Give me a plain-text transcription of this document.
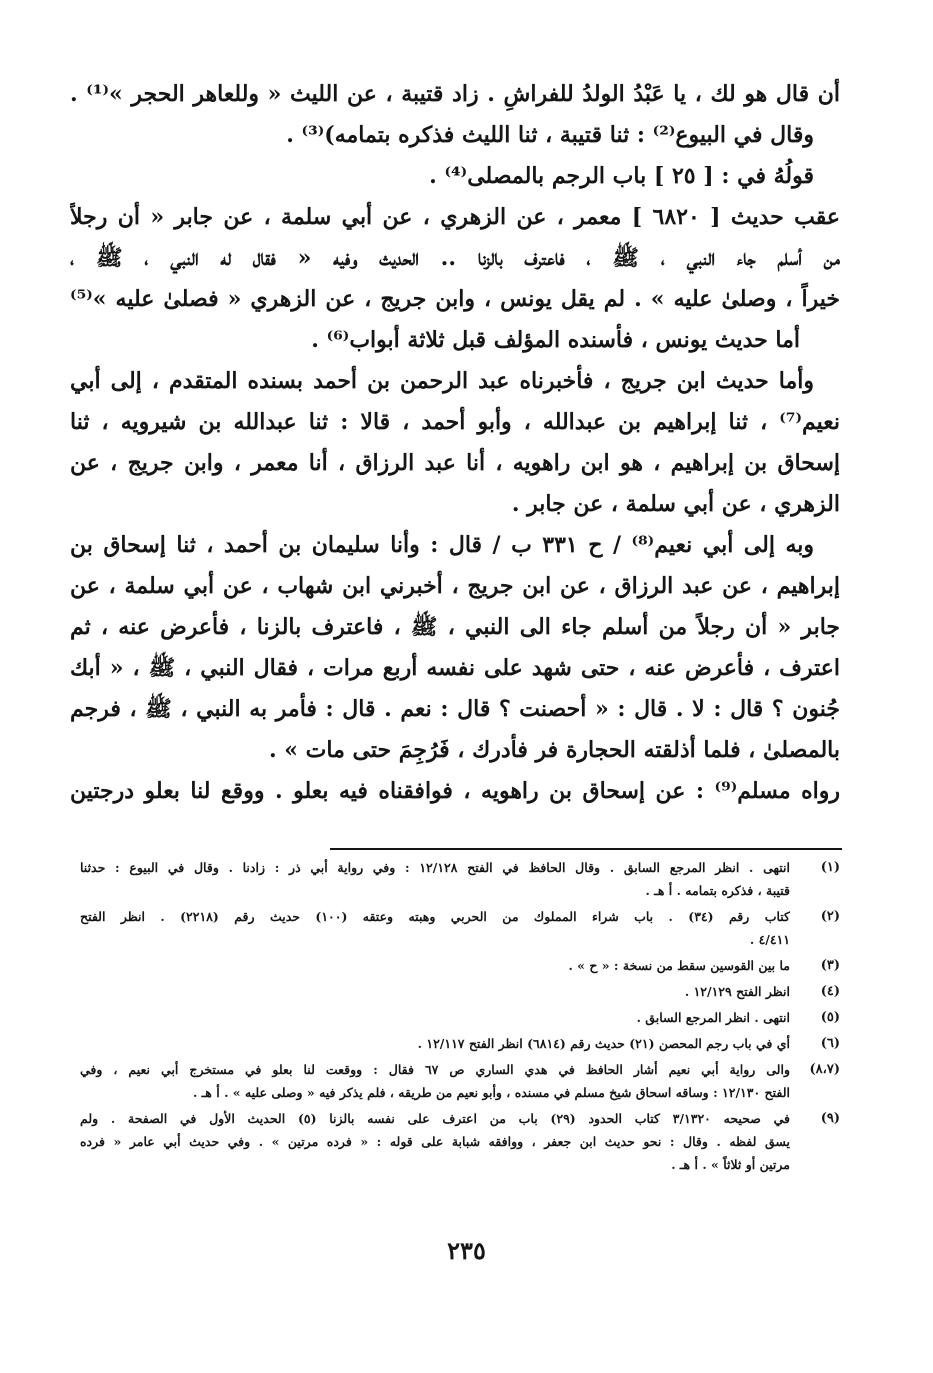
أن قال هو لك ، يا عَبْدُ الولدُ للفراشِ . زاد قتيبة ، عن الليث « وللعاهر الحجر »⁽¹⁾ .
وقال في البيوع⁽²⁾ : ثنا قتيبة ، ثنا الليث فذكره بتمامه)⁽³⁾ .
قولُهُ في : [ ٢٥ ] باب الرجم بالمصلى⁽⁴⁾ .
عقب حديث [ ٦٨٢٠ ] معمر ، عن الزهري ، عن أبي سلمة ، عن جابر « أن رجلاً
من أسلم جاء النبي ، ﷺ ، فاعترف بالزنا .. الحديث وفيه « فقال له النبي ، ﷺ ،
خيراً ، وصلىٰ عليه » . لم يقل يونس ، وابن جريج ، عن الزهري « فصلىٰ عليه »⁽⁵⁾
أما حديث يونس ، فأسنده المؤلف قبل ثلاثة أبواب⁽⁶⁾ .
وأما حديث ابن جريج ، فأخبرناه عبد الرحمن بن أحمد بسنده المتقدم ، إلى أبي
نعيم⁽⁷⁾ ، ثنا إبراهيم بن عبدالله ، وأبو أحمد ، قالا : ثنا عبدالله بن شيرويه ، ثنا
إسحاق بن إبراهيم ، هو ابن راهويه ، أنا عبد الرزاق ، أنا معمر ، وابن جريج ، عن
الزهري ، عن أبي سلمة ، عن جابر .
وبه إلى أبي نعيم⁽⁸⁾ / ح ٣٣١ ب / قال : وأنا سليمان بن أحمد ، ثنا إسحاق بن
إبراهيم ، عن عبد الرزاق ، عن ابن جريج ، أخبرني ابن شهاب ، عن أبي سلمة ، عن
جابر « أن رجلاً من أسلم جاء الى النبي ، ﷺ ، فاعترف بالزنا ، فأعرض عنه ، ثم
اعترف ، فأعرض عنه ، حتى شهد على نفسه أربع مرات ، فقال النبي ، ﷺ ، « أبك
جُنون ؟ قال : لا . قال : « أحصنت ؟ قال : نعم . قال : فأمر به النبي ، ﷺ ، فرجم
بالمصلىٰ ، فلما أذلقته الحجارة فر فأدرك ، فَرُجِمَ حتى مات » .
رواه مسلم⁽⁹⁾ : عن إسحاق بن راهويه ، فوافقناه فيه بعلو . ووقع لنا بعلو درجتين
(١)
انتهى . انظر المرجع السابق . وقال الحافظ في الفتح ١٢/١٢٨ : وفي رواية أبي ذر : زادنا . وقال في البيوع : حدثنا
قتيبة ، فذكره بتمامه . أ هـ .
(٢)
كتاب رقم (٣٤) . باب شراء المملوك من الحربي وهبته وعتقه (١٠٠) حديث رقم (٢٢١٨) . انظر الفتح
٤/٤١١ .
(٣)
ما بين القوسين سقط من نسخة : « ح » .
(٤)
انظر الفتح ١٢/١٢٩ .
(٥)
انتهى . انظر المرجع السابق .
(٦)
أي في باب رجم المحصن (٢١) حديث رقم (٦٨١٤) انظر الفتح ١٢/١١٧ .
(٨،٧)
والى رواية أبي نعيم أشار الحافظ في هدي الساري ص ٦٧ فقال : ووقعت لنا بعلو في مستخرج أبي نعيم ، وفي
الفتح ١٢/١٣٠ : وساقه اسحاق شيخ مسلم في مسنده ، وأبو نعيم من طريقه ، فلم يذكر فيه « وصلى عليه » . أ هـ .
(٩)
في صحيحه ٣/١٣٢٠ كتاب الحدود (٢٩) باب من اعترف على نفسه بالزنا (٥) الحديث الأول في الصفحة . ولم
يسق لفظه . وقال : نحو حديث ابن جعفر ، ووافقه شبابة على قوله : « فرده مرتين » . وفي حديث أبي عامر « فرده
مرتين أو ثلاثاً » . أ هـ .
٢٣٥
